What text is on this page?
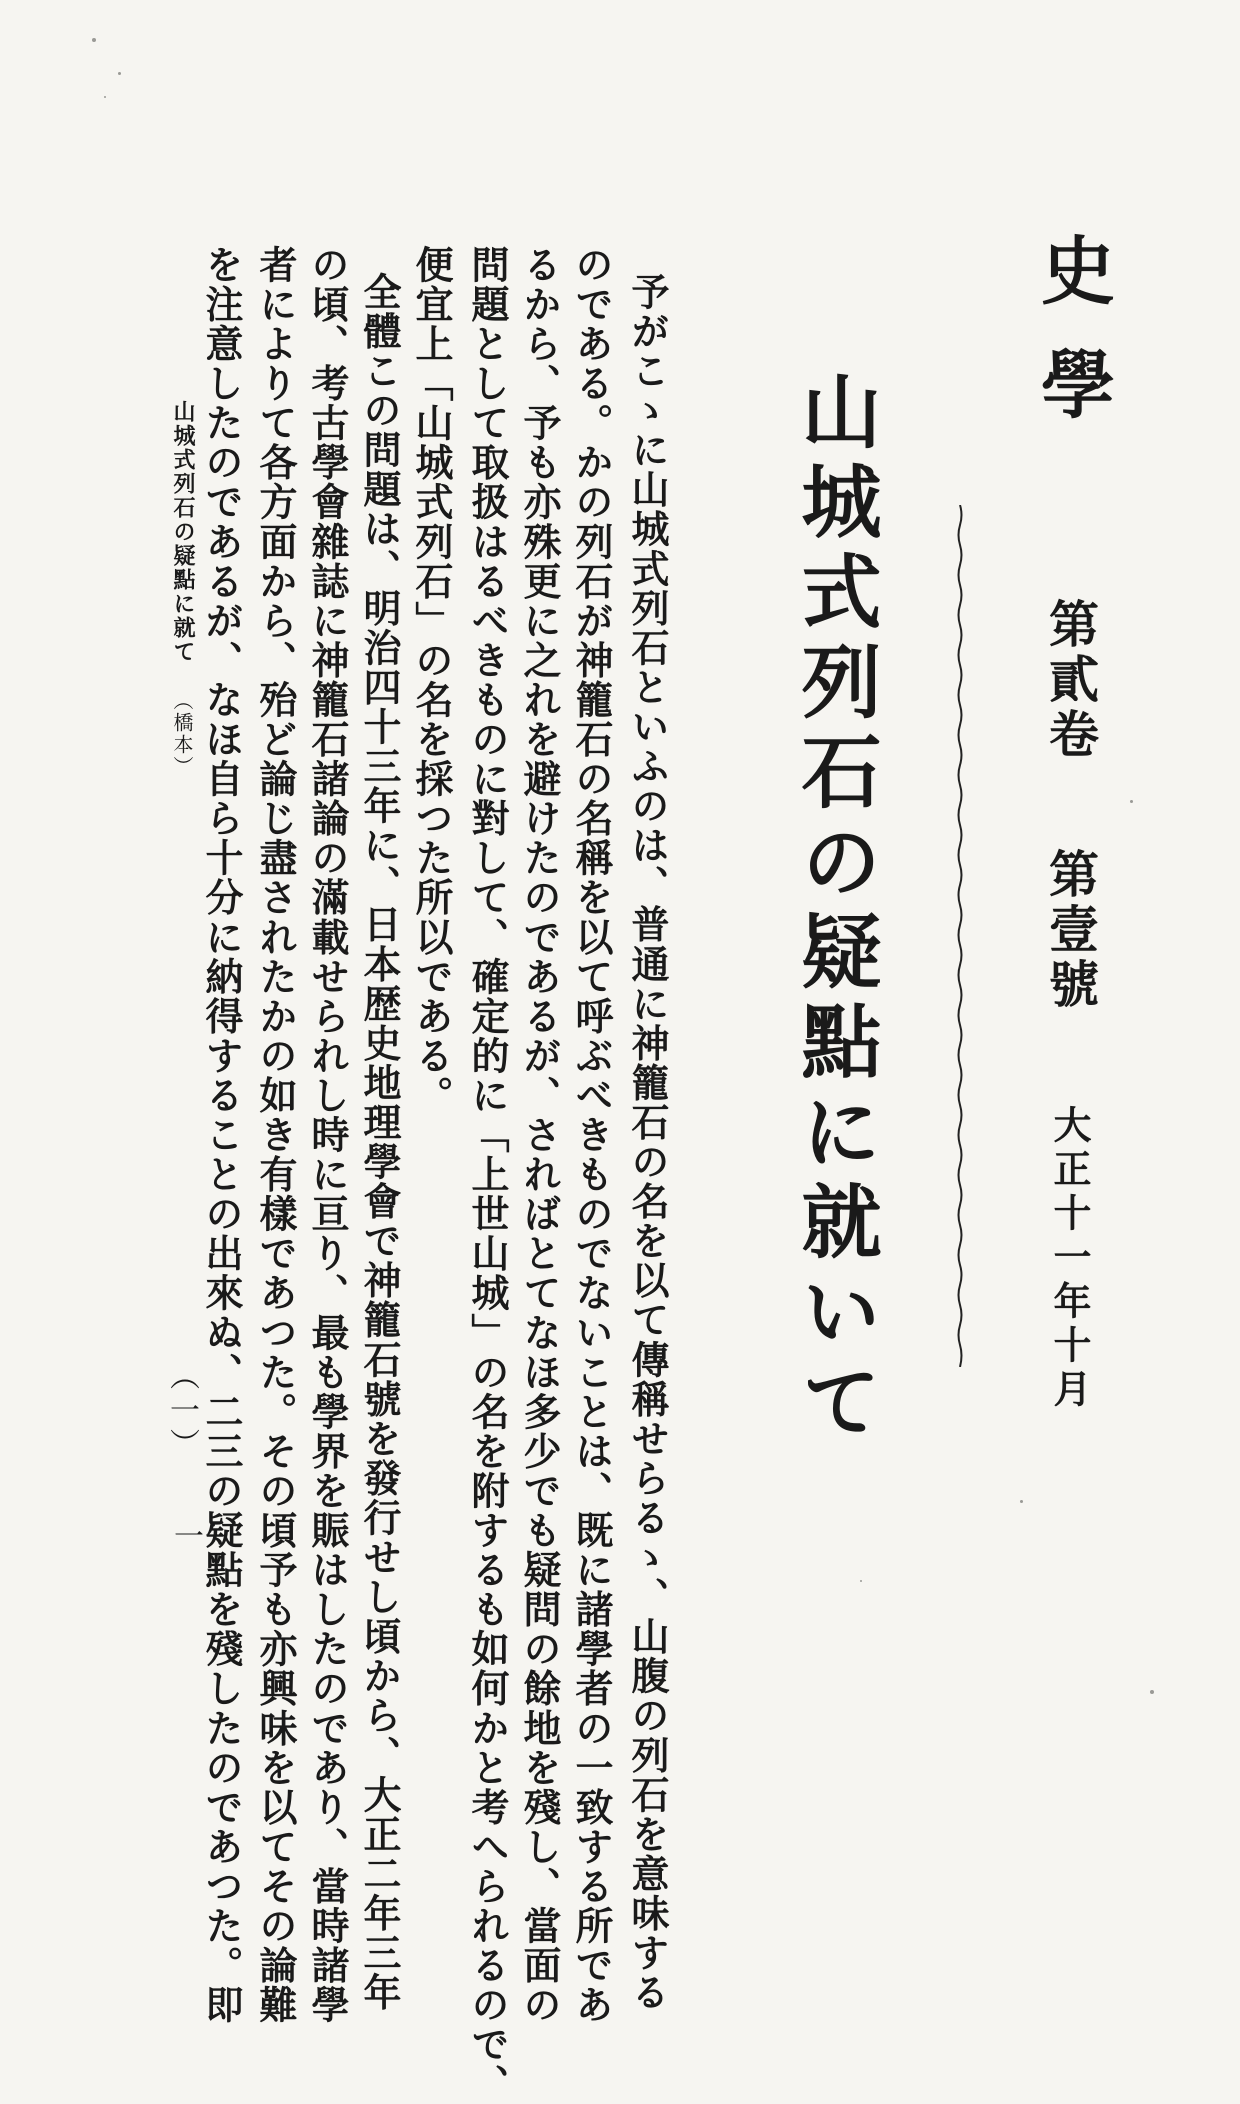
史學
第貳卷
第壹號
大正十一年十月
山城式列石の疑點に就いて
予がこゝに山城式列石といふのは、普通に神籠石の名を以て傳稱せらるゝ、山腹の列石を意味する
のである。かの列石が神籠石の名稱を以て呼ぶべきものでないことは、既に諸學者の一致する所であ
るから、予も亦殊更に之れを避けたのであるが、さればとてなほ多少でも疑問の餘地を殘し、當面の
問題として取扱はるべきものに對して、確定的に「上世山城」の名を附するも如何かと考へられるので、
便宜上「山城式列石」の名を採つた所以である。
全體この問題は、明治四十三年に、日本歴史地理學會で神籠石號を發行せし頃から、大正二年三年
の頃、考古學會雜誌に神籠石諸論の滿載せられし時に亘り、最も學界を賑はしたのであり、當時諸學
者によりて各方面から、殆ど論じ盡されたかの如き有樣であつた。その頃予も亦興味を以てその論難
を注意したのであるが、なほ自ら十分に納得することの出來ぬ、二三の疑點を殘したのであつた。即
山城式列石の疑點に就て
（橋本）
（一）
一
